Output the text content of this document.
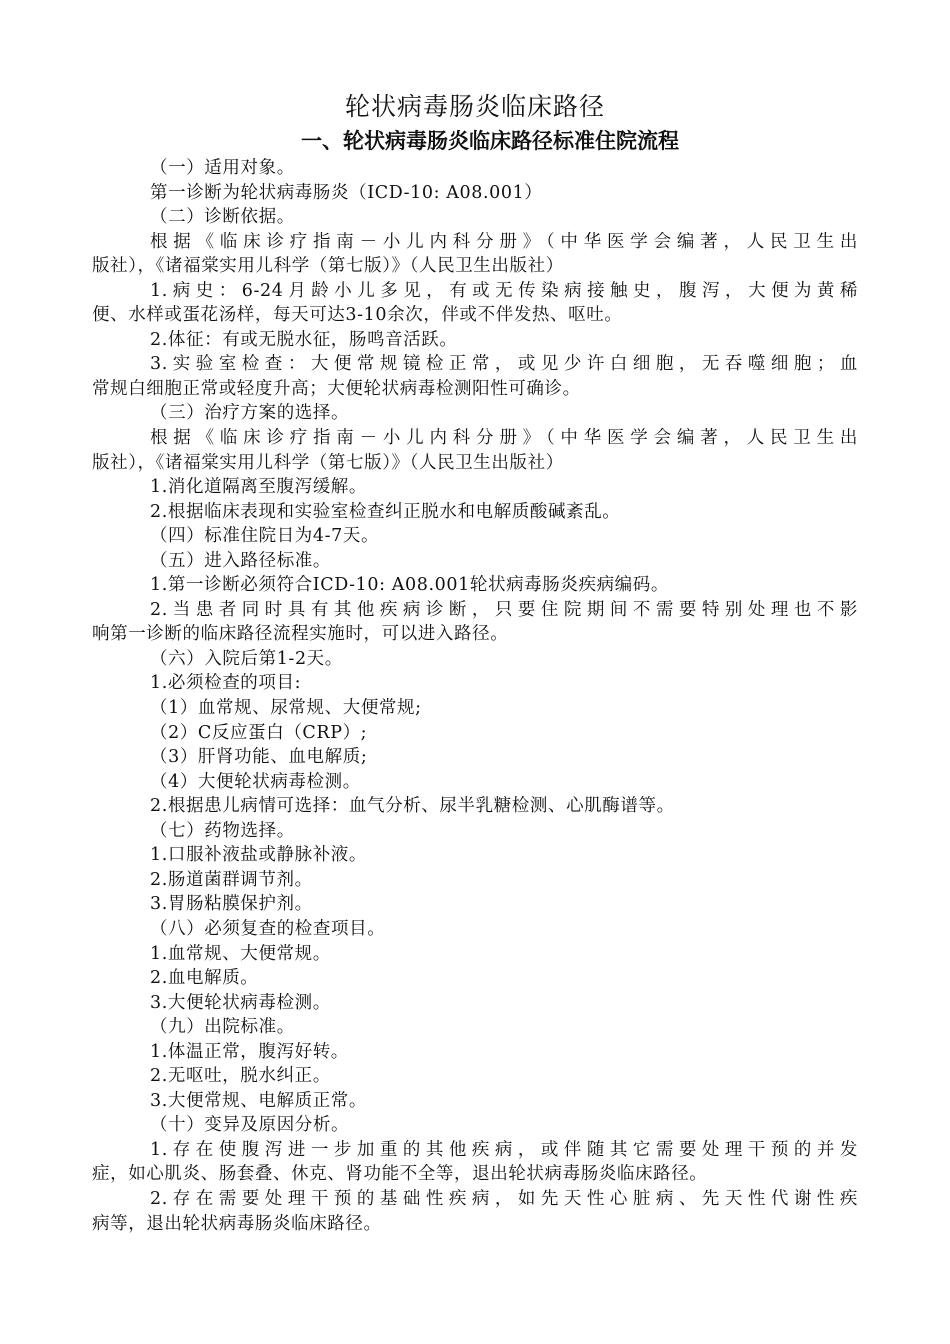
轮状病毒肠炎临床路径
一、轮状病毒肠炎临床路径标准住院流程

（一）适用对象。

第一诊断为轮状病毒肠炎（ICD-10: A08.001）

（二）诊断依据。

根据《临床诊疗指南－小儿内科分册》（中华医学会编著，人民卫生出

版社），《诸福棠实用儿科学（第七版）》（人民卫生出版社）

1.病史：6-24月龄小儿多见，有或无传染病接触史，腹泻，大便为黄稀

便、水样或蛋花汤样，每天可达3-10余次，伴或不伴发热、呕吐。

2.体征：有或无脱水征，肠鸣音活跃。

3.实验室检查：大便常规镜检正常，或见少许白细胞，无吞噬细胞；血

常规白细胞正常或轻度升高；大便轮状病毒检测阳性可确诊。

（三）治疗方案的选择。

根据《临床诊疗指南－小儿内科分册》（中华医学会编著，人民卫生出

版社），《诸福棠实用儿科学（第七版）》（人民卫生出版社）

1.消化道隔离至腹泻缓解。

2.根据临床表现和实验室检查纠正脱水和电解质酸碱紊乱。

（四）标准住院日为4-7天。

（五）进入路径标准。

1.第一诊断必须符合ICD-10: A08.001轮状病毒肠炎疾病编码。

2.当患者同时具有其他疾病诊断，只要住院期间不需要特别处理也不影

响第一诊断的临床路径流程实施时，可以进入路径。

（六）入院后第1-2天。

1.必须检查的项目:

（1）血常规、尿常规、大便常规;

（2）C反应蛋白（CRP）;

（3）肝肾功能、血电解质;

（4）大便轮状病毒检测。

2.根据患儿病情可选择：血气分析、尿半乳糖检测、心肌酶谱等。

（七）药物选择。

1.口服补液盐或静脉补液。

2.肠道菌群调节剂。

3.胃肠粘膜保护剂。

（八）必须复查的检查项目。

1.血常规、大便常规。

2.血电解质。

3.大便轮状病毒检测。

（九）出院标准。

1.体温正常，腹泻好转。

2.无呕吐，脱水纠正。

3.大便常规、电解质正常。

（十）变异及原因分析。

1.存在使腹泻进一步加重的其他疾病，或伴随其它需要处理干预的并发

症，如心肌炎、肠套叠、休克、肾功能不全等，退出轮状病毒肠炎临床路径。

2.存在需要处理干预的基础性疾病，如先天性心脏病、先天性代谢性疾

病等，退出轮状病毒肠炎临床路径。
